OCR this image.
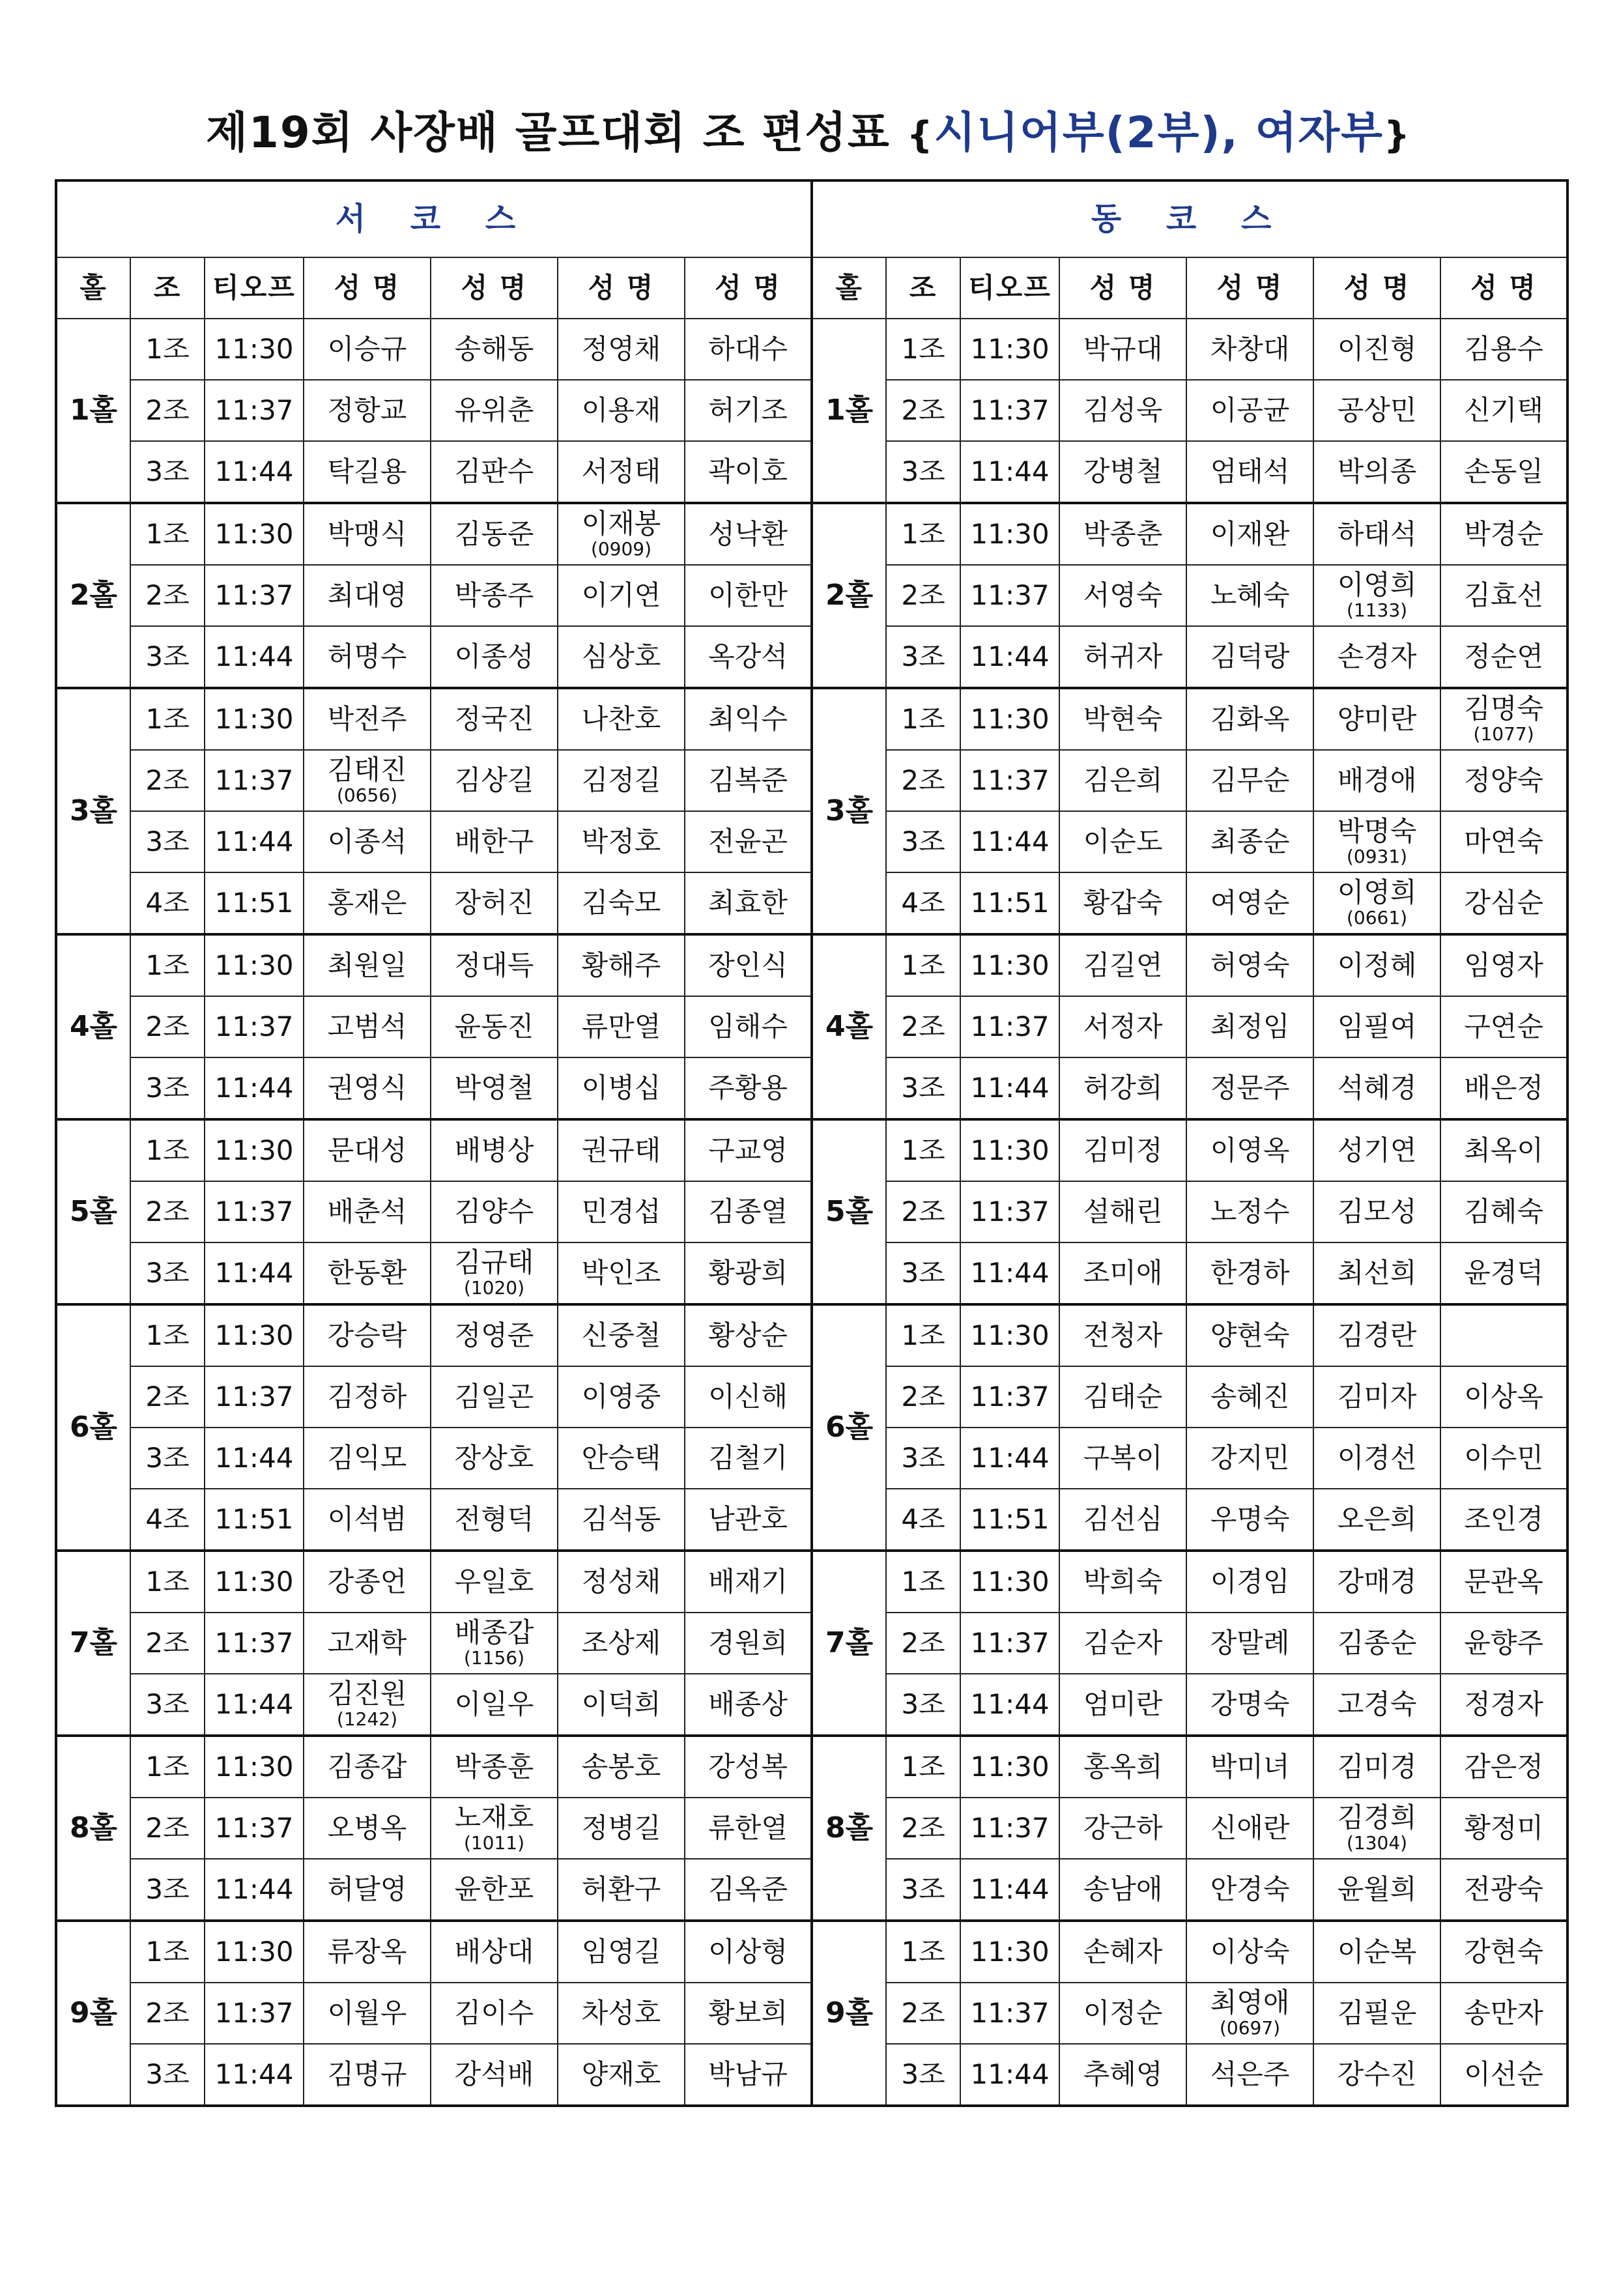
제19회 사장배 골프대회 조 편성표 {시니어부(2부), 여자부}
서 코 스							동 코 스						
홀	조	티오프	성 명	성 명	성 명	성 명	홀	조	티오프	성 명	성 명	성 명	성 명
1홀	1조	11:30	이승규	송해동	정영채	하대수	1홀	1조	11:30	박규대	차창대	이진형	김용수

	2조	11:37	정항교	유위춘	이용재	허기조		2조	11:37	김성욱	이공균	공상민	신기택

	3조	11:44	탁길용	김판수	서정태	곽이호		3조	11:44	강병철	엄태석	박의종	손동일

2홀	1조	11:30	박맹식	김동준	이재봉
(0909)	성낙환	2홀	1조	11:30	박종춘	이재완	하태석	박경순

	2조	11:37	최대영	박종주	이기연	이한만		2조	11:37	서영숙	노혜숙	이영희
(1133)	김효선

	3조	11:44	허명수	이종성	심상호	옥강석		3조	11:44	허귀자	김덕랑	손경자	정순연

3홀	1조	11:30	박전주	정국진	나찬호	최익수	3홀	1조	11:30	박현숙	김화옥	양미란	김명숙
(1077)

	2조	11:37	김태진
(0656)	김상길	김정길	김복준		2조	11:37	김은희	김무순	배경애	정양숙

	3조	11:44	이종석	배한구	박정호	전윤곤		3조	11:44	이순도	최종순	박명숙
(0931)	마연숙

	4조	11:51	홍재은	장허진	김숙모	최효한		4조	11:51	황갑숙	여영순	이영희
(0661)	강심순

4홀	1조	11:30	최원일	정대득	황해주	장인식	4홀	1조	11:30	김길연	허영숙	이정혜	임영자

	2조	11:37	고범석	윤동진	류만열	임해수		2조	11:37	서정자	최정임	임필여	구연순

	3조	11:44	권영식	박영철	이병십	주황용		3조	11:44	허강희	정문주	석혜경	배은정

5홀	1조	11:30	문대성	배병상	권규태	구교영	5홀	1조	11:30	김미정	이영옥	성기연	최옥이

	2조	11:37	배춘석	김양수	민경섭	김종열		2조	11:37	설해린	노정수	김모성	김혜숙

	3조	11:44	한동환	김규태
(1020)	박인조	황광희		3조	11:44	조미애	한경하	최선희	윤경덕

6홀	1조	11:30	강승락	정영준	신중철	황상순	6홀	1조	11:30	전청자	양현숙	김경란	

	2조	11:37	김정하	김일곤	이영중	이신해		2조	11:37	김태순	송혜진	김미자	이상옥

	3조	11:44	김익모	장상호	안승택	김철기		3조	11:44	구복이	강지민	이경선	이수민

	4조	11:51	이석범	전형덕	김석동	남관호		4조	11:51	김선심	우명숙	오은희	조인경

7홀	1조	11:30	강종언	우일호	정성채	배재기	7홀	1조	11:30	박희숙	이경임	강매경	문관옥

	2조	11:37	고재학	배종갑
(1156)	조상제	경원희		2조	11:37	김순자	장말례	김종순	윤향주

	3조	11:44	김진원
(1242)	이일우	이덕희	배종상		3조	11:44	엄미란	강명숙	고경숙	정경자

8홀	1조	11:30	김종갑	박종훈	송봉호	강성복	8홀	1조	11:30	홍옥희	박미녀	김미경	감은정

	2조	11:37	오병옥	노재호
(1011)	정병길	류한열		2조	11:37	강근하	신애란	김경희
(1304)	황정미

	3조	11:44	허달영	윤한포	허환구	김옥준		3조	11:44	송남애	안경숙	윤월희	전광숙

9홀	1조	11:30	류장옥	배상대	임영길	이상형	9홀	1조	11:30	손혜자	이상숙	이순복	강현숙

	2조	11:37	이월우	김이수	차성호	황보희		2조	11:37	이정순	최영애
(0697)	김필운	송만자

	3조	11:44	김명규	강석배	양재호	박남규		3조	11:44	추혜영	석은주	강수진	이선순
